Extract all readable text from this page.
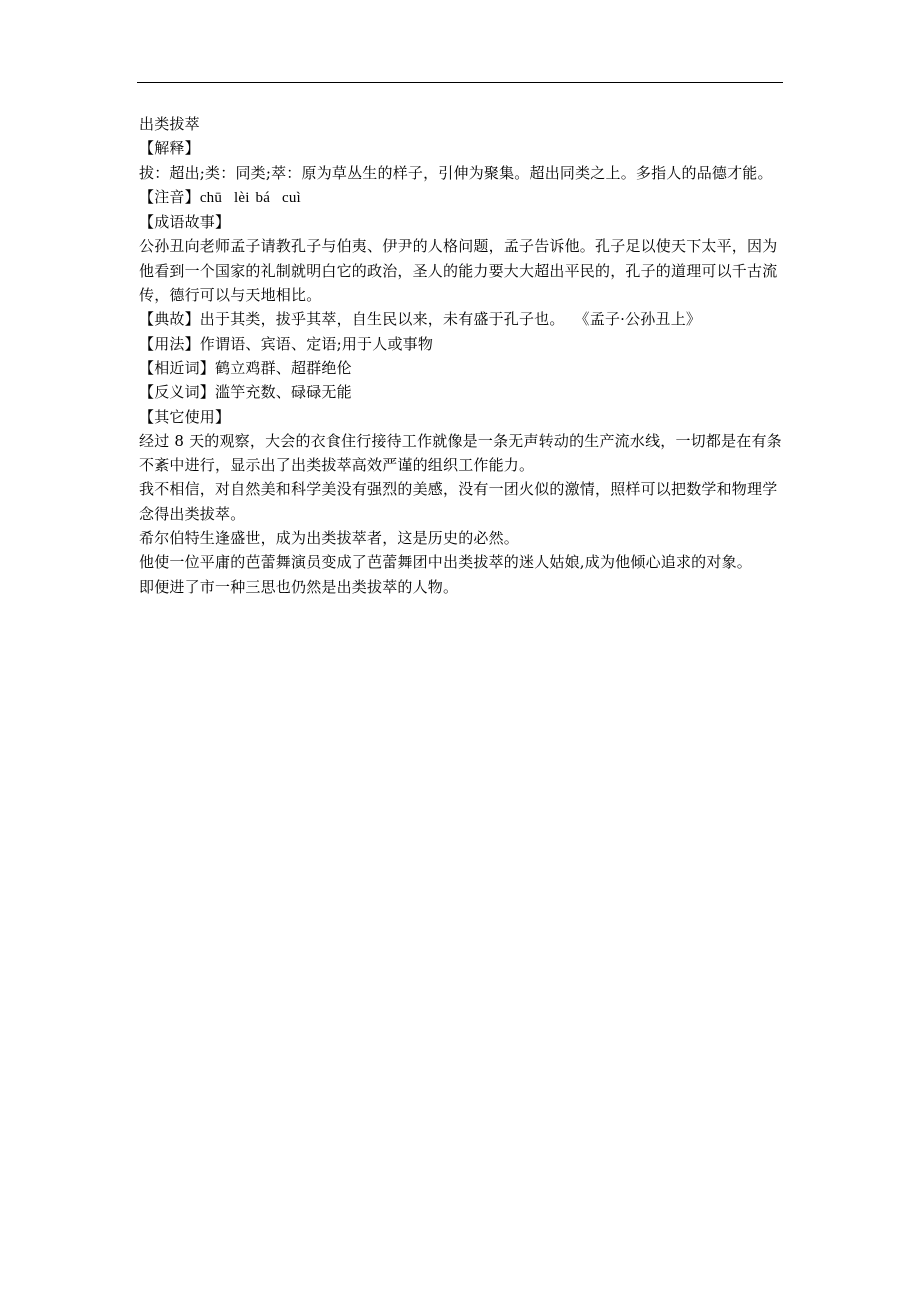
出类拔萃

【解释】

拔：超出;类：同类;萃：原为草丛生的样子，引伸为聚集。超出同类之上。多指人的品德才能。

【注音】chū  lèi bá  cuì

【成语故事】

公孙丑向老师孟子请教孔子与伯夷、伊尹的人格问题，孟子告诉他。孔子足以使天下太平，因为他看到一个国家的礼制就明白它的政治，圣人的能力要大大超出平民的，孔子的道理可以千古流传，德行可以与天地相比。

【典故】出于其类，拔乎其萃，自生民以来，未有盛于孔子也。  《孟子·公孙丑上》

【用法】作谓语、宾语、定语;用于人或事物

【相近词】鹤立鸡群、超群绝伦

【反义词】滥竽充数、碌碌无能

【其它使用】

经过 8 天的观察，大会的衣食住行接待工作就像是一条无声转动的生产流水线，一切都是在有条不紊中进行，显示出了出类拔萃高效严谨的组织工作能力。

我不相信，对自然美和科学美没有强烈的美感，没有一团火似的激情，照样可以把数学和物理学念得出类拔萃。

希尔伯特生逢盛世，成为出类拔萃者，这是历史的必然。

他使一位平庸的芭蕾舞演员变成了芭蕾舞团中出类拔萃的迷人姑娘,成为他倾心追求的对象。

即便进了市一种三思也仍然是出类拔萃的人物。
